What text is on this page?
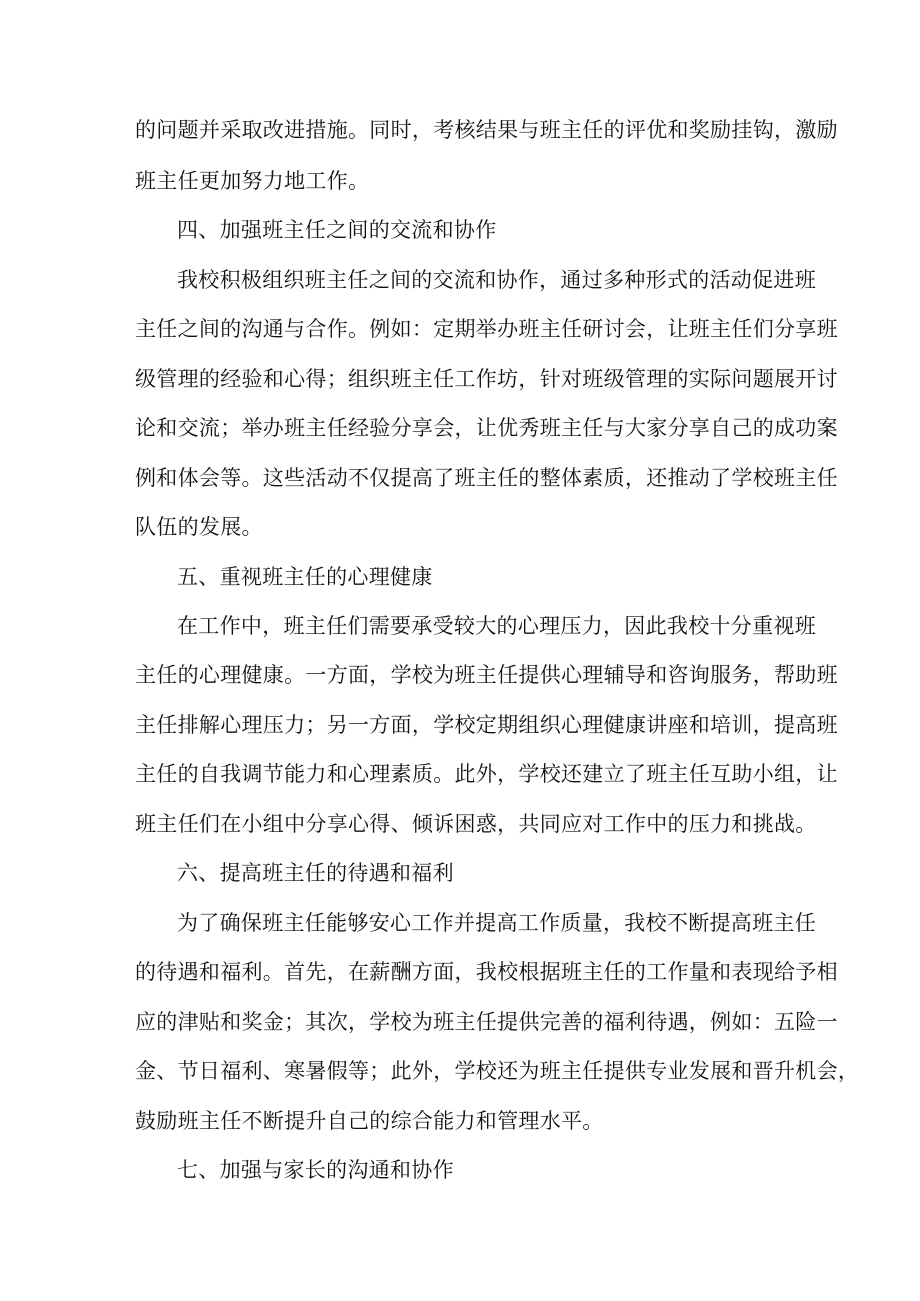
的问题并采取改进措施。同时，考核结果与班主任的评优和奖励挂钩，激励
班主任更加努力地工作。
四、加强班主任之间的交流和协作
我校积极组织班主任之间的交流和协作，通过多种形式的活动促进班
主任之间的沟通与合作。例如：定期举办班主任研讨会，让班主任们分享班
级管理的经验和心得；组织班主任工作坊，针对班级管理的实际问题展开讨
论和交流；举办班主任经验分享会，让优秀班主任与大家分享自己的成功案
例和体会等。这些活动不仅提高了班主任的整体素质，还推动了学校班主任
队伍的发展。
五、重视班主任的心理健康
在工作中，班主任们需要承受较大的心理压力，因此我校十分重视班
主任的心理健康。一方面，学校为班主任提供心理辅导和咨询服务，帮助班
主任排解心理压力；另一方面，学校定期组织心理健康讲座和培训，提高班
主任的自我调节能力和心理素质。此外，学校还建立了班主任互助小组，让
班主任们在小组中分享心得、倾诉困惑，共同应对工作中的压力和挑战。
六、提高班主任的待遇和福利
为了确保班主任能够安心工作并提高工作质量，我校不断提高班主任
的待遇和福利。首先，在薪酬方面，我校根据班主任的工作量和表现给予相
应的津贴和奖金；其次，学校为班主任提供完善的福利待遇，例如：五险一
金、节日福利、寒暑假等；此外，学校还为班主任提供专业发展和晋升机会，
鼓励班主任不断提升自己的综合能力和管理水平。
七、加强与家长的沟通和协作
